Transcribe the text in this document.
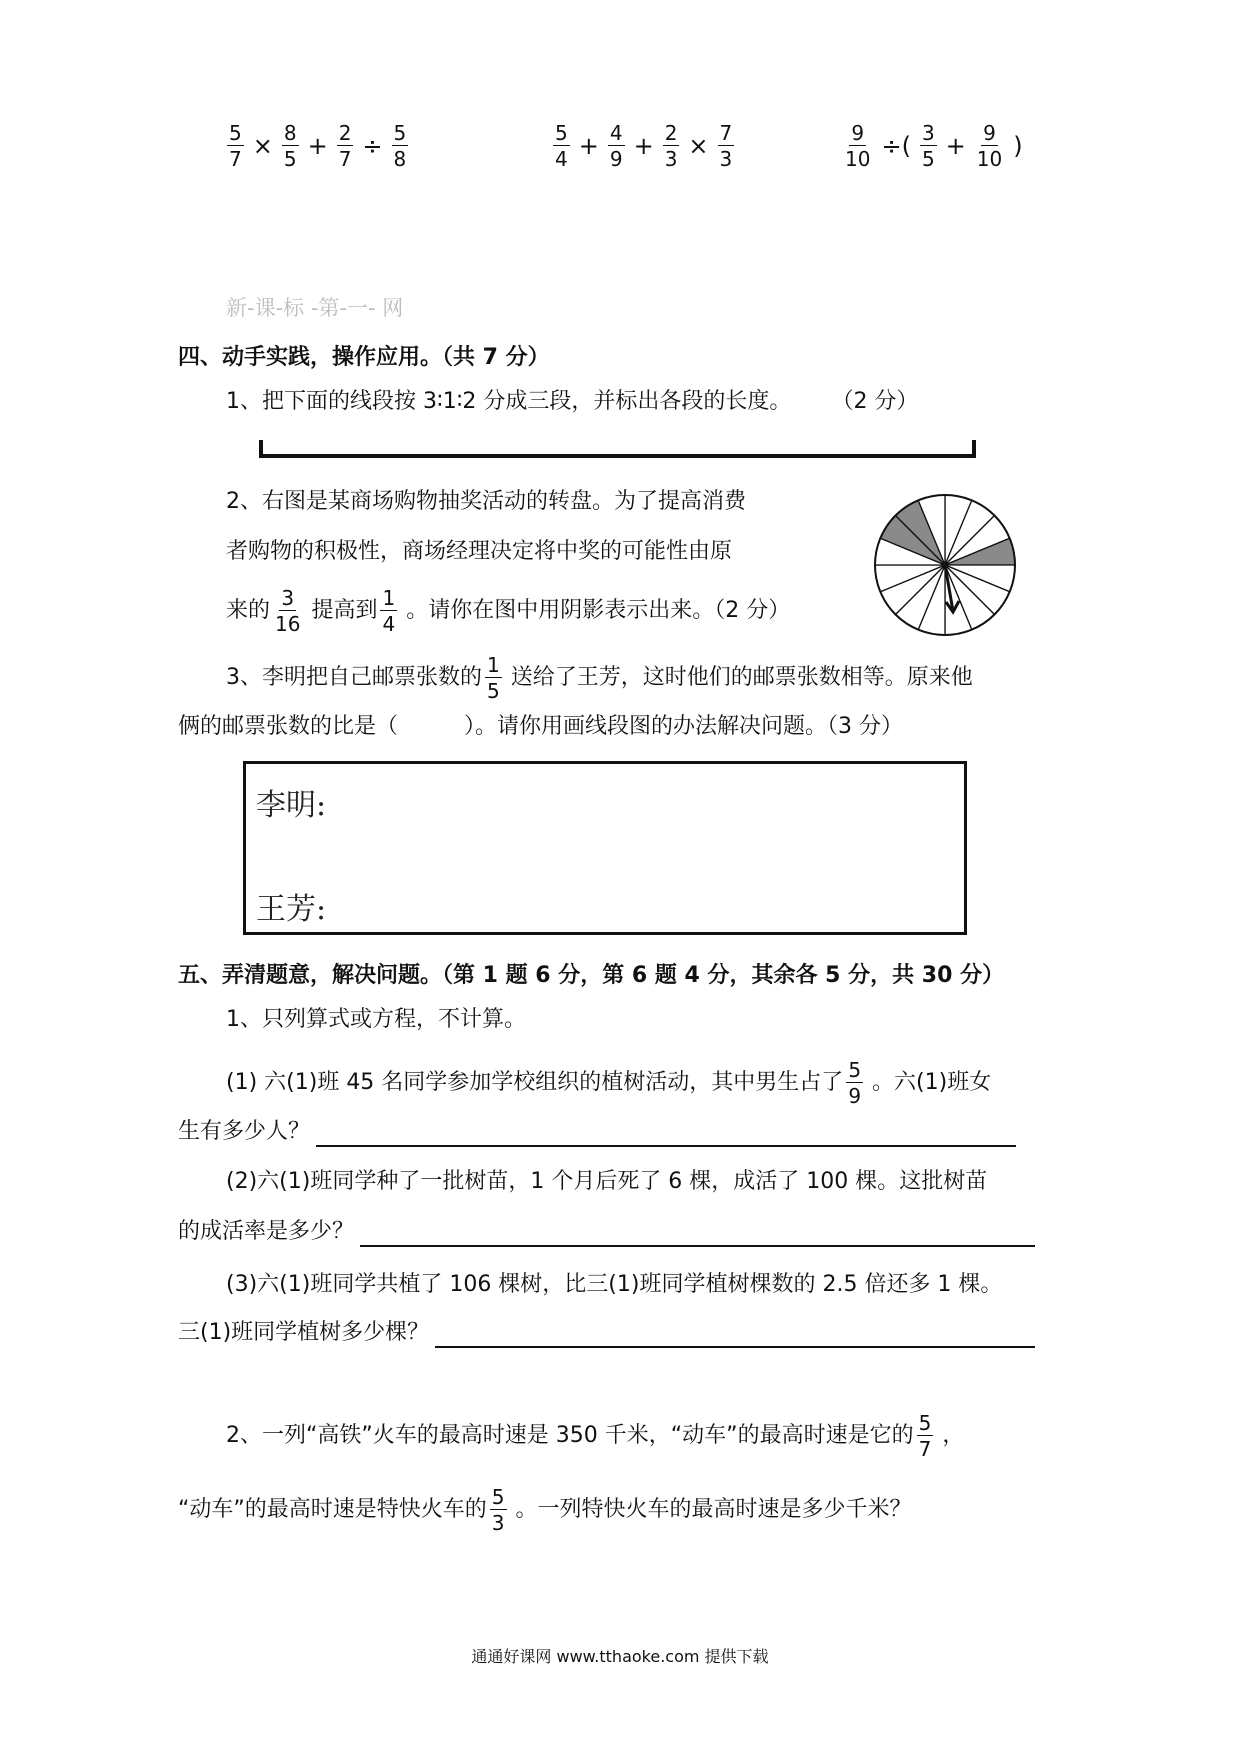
$\frac{5}{7} \times \frac{8}{5} + \frac{2}{7} \div \frac{5}{8}$	$\frac{5}{4} + \frac{4}{9} + \frac{2}{3} \times \frac{7}{3}$	$\frac{9}{10}$ ÷( $\frac{3}{5} + \frac{9}{10}$ )
新-课-标 -第-一- 网
四、动手实践，操作应用。（共 7 分）
1、把下面的线段按 3∶1∶2 分成三段，并标出各段的长度。 （2 分）
2、右图是某商场购物抽奖活动的转盘。为了提高消费
者购物的积极性，商场经理决定将中奖的可能性由原
来的 $\frac{3}{16}$ 提高到 $\frac{1}{4}$ 。请你在图中用阴影表示出来。（2 分）
3、李明把自己邮票张数的 $\frac{1}{5}$ 送给了王芳，这时他们的邮票张数相等。原来他
俩的邮票张数的比是（　　　）。请你用画线段图的办法解决问题。（3 分）
李明:
王芳:
五、弄清题意，解决问题。（第 1 题 6 分，第 6 题 4 分，其余各 5 分，共 30 分）
1、只列算式或方程，不计算。
(1) 六(1)班 45 名同学参加学校组织的植树活动，其中男生占了 $\frac{5}{9}$ 。六(1)班女
生有多少人？
(2)六(1)班同学种了一批树苗，1 个月后死了 6 棵，成活了 100 棵。这批树苗
的成活率是多少？
(3)六(1)班同学共植了 106 棵树，比三(1)班同学植树棵数的 2.5 倍还多 1 棵。
三(1)班同学植树多少棵？
2、一列“高铁”火车的最高时速是 350 千米，“动车”的最高时速是它的 $\frac{5}{7}$ ，
“动车”的最高时速是特快火车的 $\frac{5}{3}$ 。一列特快火车的最高时速是多少千米？
通通好课网 www.tthaoke.com 提供下载
